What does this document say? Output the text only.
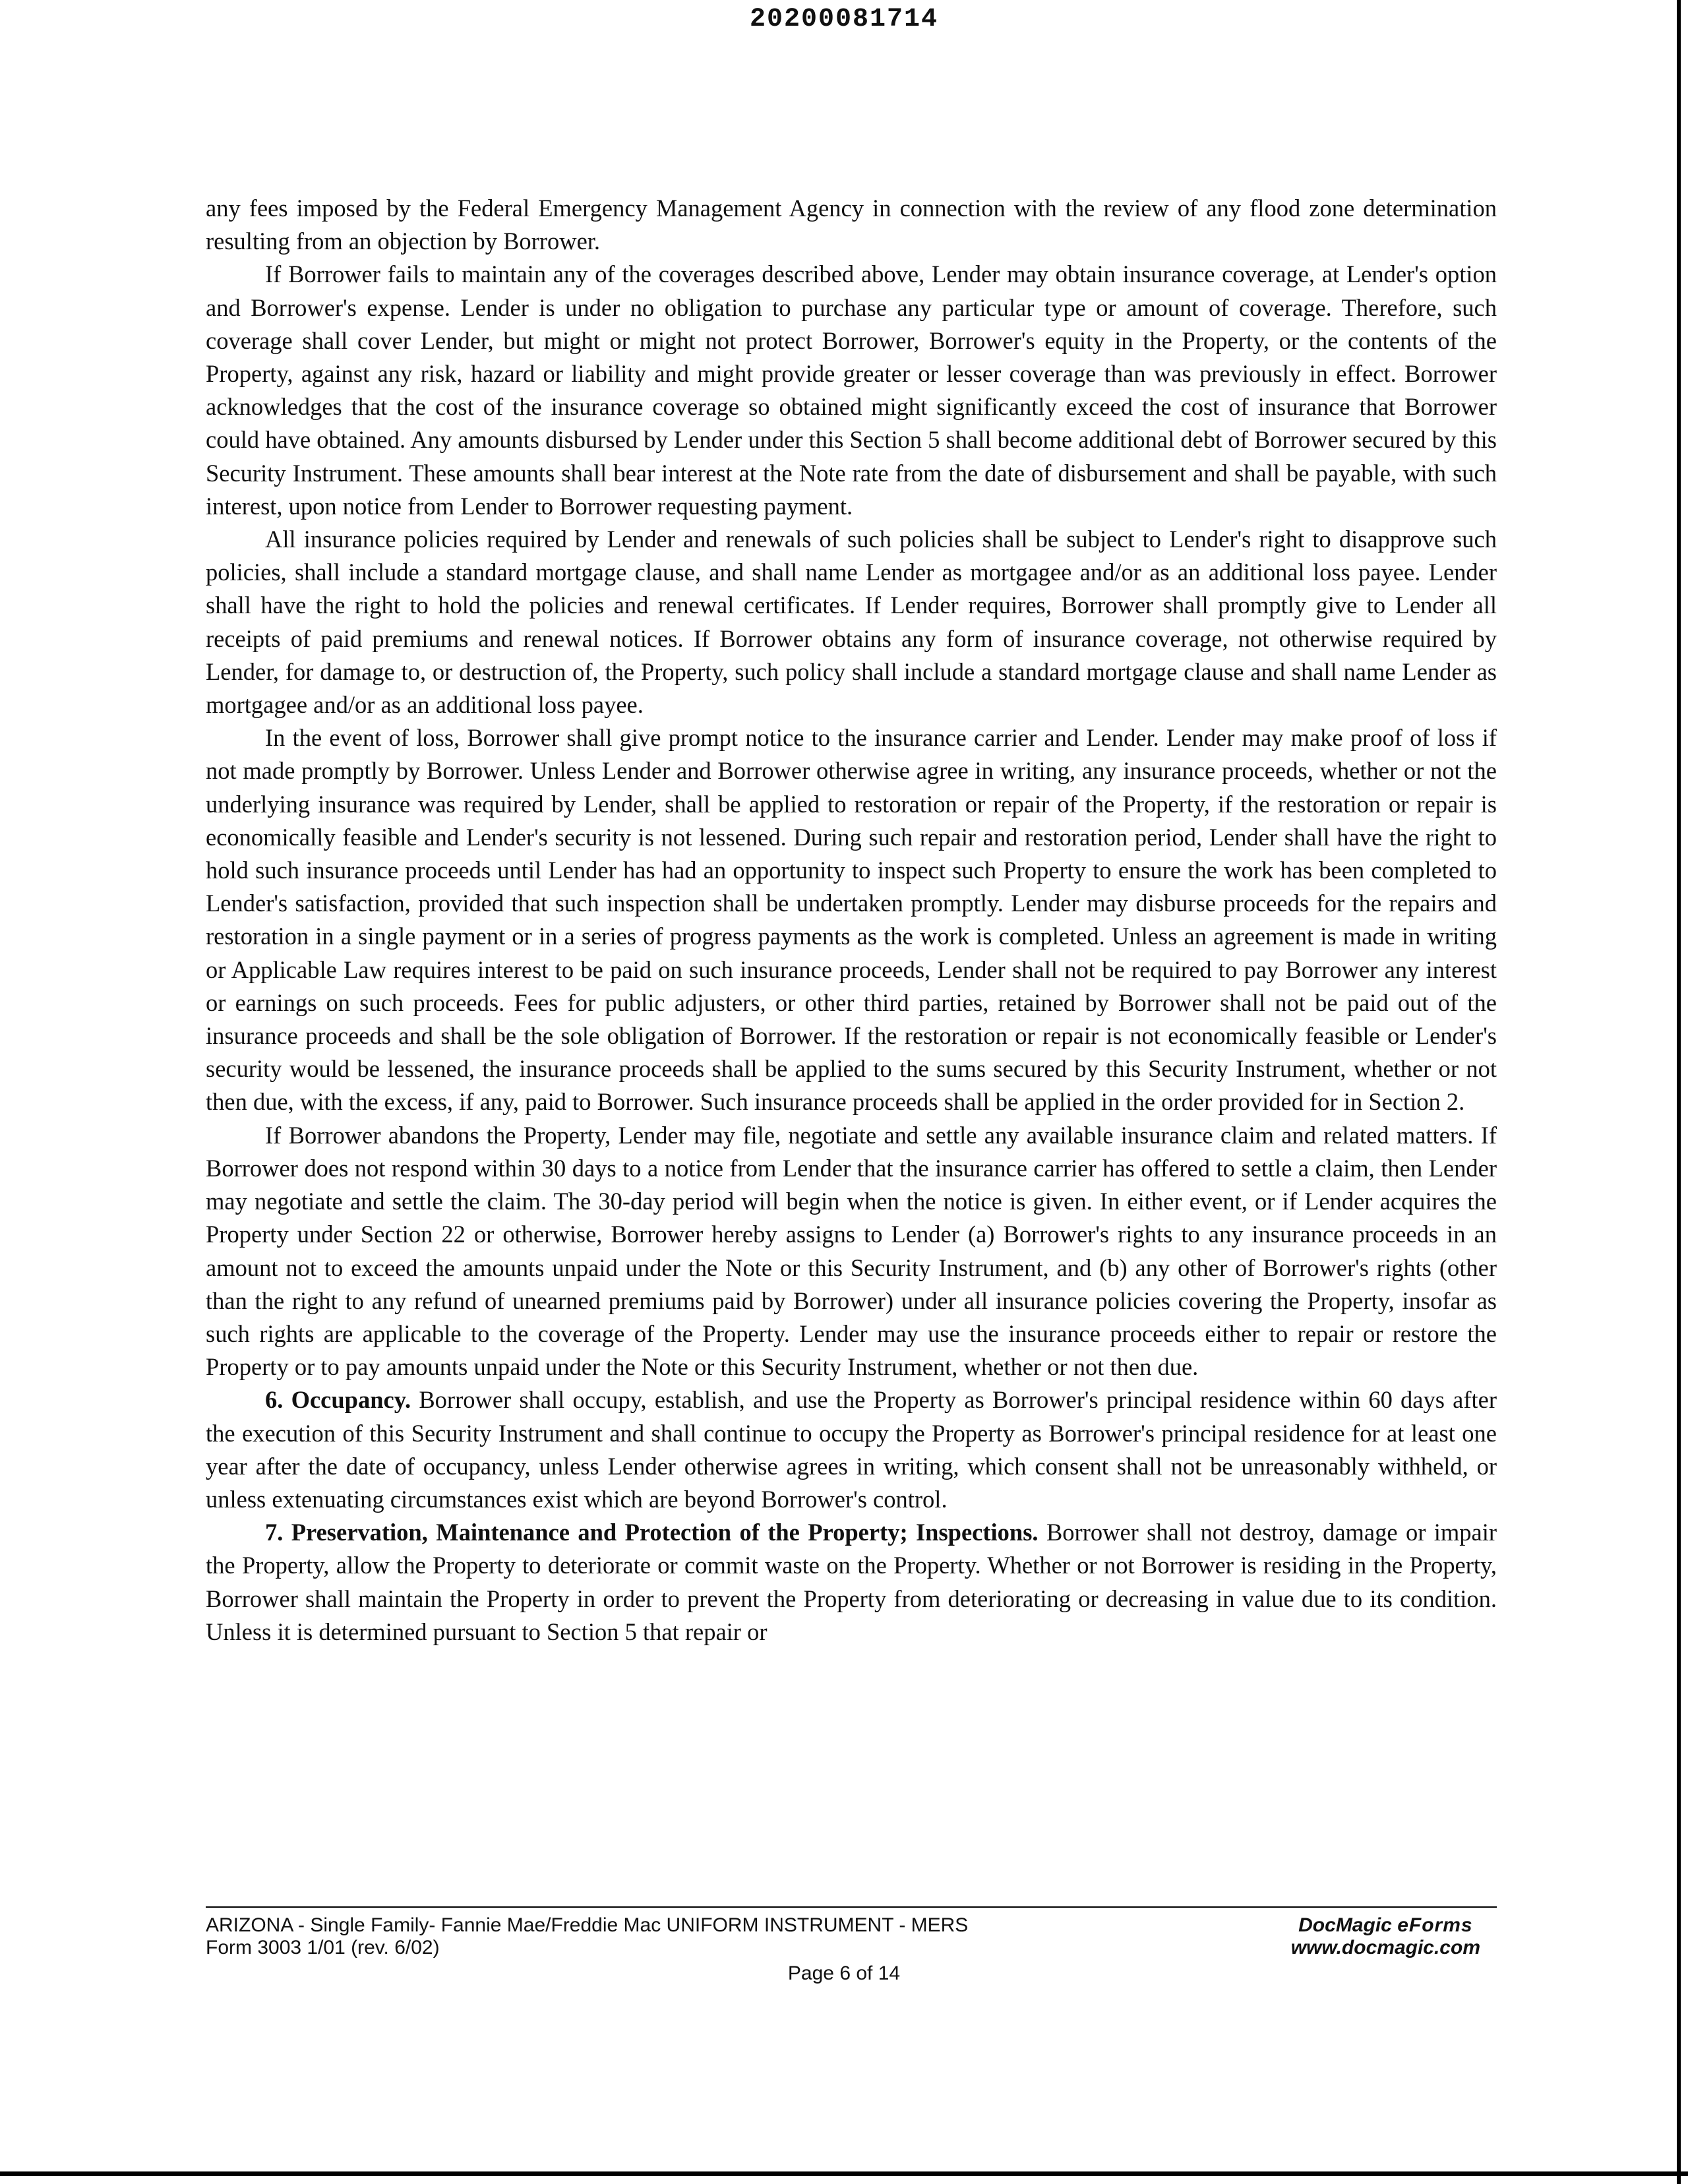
20200081714

any fees imposed by the Federal Emergency Management Agency in connection with the review of any flood zone determination resulting from an objection by Borrower.

If Borrower fails to maintain any of the coverages described above, Lender may obtain insurance coverage, at Lender's option and Borrower's expense. Lender is under no obligation to purchase any particular type or amount of coverage. Therefore, such coverage shall cover Lender, but might or might not protect Borrower, Borrower's equity in the Property, or the contents of the Property, against any risk, hazard or liability and might provide greater or lesser coverage than was previously in effect. Borrower acknowledges that the cost of the insurance coverage so obtained might significantly exceed the cost of insurance that Borrower could have obtained. Any amounts disbursed by Lender under this Section 5 shall become additional debt of Borrower secured by this Security Instrument. These amounts shall bear interest at the Note rate from the date of disbursement and shall be payable, with such interest, upon notice from Lender to Borrower requesting payment.

All insurance policies required by Lender and renewals of such policies shall be subject to Lender's right to disapprove such policies, shall include a standard mortgage clause, and shall name Lender as mortgagee and/or as an additional loss payee. Lender shall have the right to hold the policies and renewal certificates. If Lender requires, Borrower shall promptly give to Lender all receipts of paid premiums and renewal notices. If Borrower obtains any form of insurance coverage, not otherwise required by Lender, for damage to, or destruction of, the Property, such policy shall include a standard mortgage clause and shall name Lender as mortgagee and/or as an additional loss payee.

In the event of loss, Borrower shall give prompt notice to the insurance carrier and Lender. Lender may make proof of loss if not made promptly by Borrower. Unless Lender and Borrower otherwise agree in writing, any insurance proceeds, whether or not the underlying insurance was required by Lender, shall be applied to restoration or repair of the Property, if the restoration or repair is economically feasible and Lender's security is not lessened. During such repair and restoration period, Lender shall have the right to hold such insurance proceeds until Lender has had an opportunity to inspect such Property to ensure the work has been completed to Lender's satisfaction, provided that such inspection shall be undertaken promptly. Lender may disburse proceeds for the repairs and restoration in a single payment or in a series of progress payments as the work is completed. Unless an agreement is made in writing or Applicable Law requires interest to be paid on such insurance proceeds, Lender shall not be required to pay Borrower any interest or earnings on such proceeds. Fees for public adjusters, or other third parties, retained by Borrower shall not be paid out of the insurance proceeds and shall be the sole obligation of Borrower. If the restoration or repair is not economically feasible or Lender's security would be lessened, the insurance proceeds shall be applied to the sums secured by this Security Instrument, whether or not then due, with the excess, if any, paid to Borrower. Such insurance proceeds shall be applied in the order provided for in Section 2.

If Borrower abandons the Property, Lender may file, negotiate and settle any available insurance claim and related matters. If Borrower does not respond within 30 days to a notice from Lender that the insurance carrier has offered to settle a claim, then Lender may negotiate and settle the claim. The 30-day period will begin when the notice is given. In either event, or if Lender acquires the Property under Section 22 or otherwise, Borrower hereby assigns to Lender (a) Borrower's rights to any insurance proceeds in an amount not to exceed the amounts unpaid under the Note or this Security Instrument, and (b) any other of Borrower's rights (other than the right to any refund of unearned premiums paid by Borrower) under all insurance policies covering the Property, insofar as such rights are applicable to the coverage of the Property. Lender may use the insurance proceeds either to repair or restore the Property or to pay amounts unpaid under the Note or this Security Instrument, whether or not then due.

6. Occupancy. Borrower shall occupy, establish, and use the Property as Borrower's principal residence within 60 days after the execution of this Security Instrument and shall continue to occupy the Property as Borrower's principal residence for at least one year after the date of occupancy, unless Lender otherwise agrees in writing, which consent shall not be unreasonably withheld, or unless extenuating circumstances exist which are beyond Borrower's control.

7. Preservation, Maintenance and Protection of the Property; Inspections. Borrower shall not destroy, damage or impair the Property, allow the Property to deteriorate or commit waste on the Property. Whether or not Borrower is residing in the Property, Borrower shall maintain the Property in order to prevent the Property from deteriorating or decreasing in value due to its condition. Unless it is determined pursuant to Section 5 that repair or

ARIZONA - Single Family- Fannie Mae/Freddie Mac UNIFORM INSTRUMENT - MERS
Form 3003 1/01 (rev. 6/02)
DocMagic eForms
www.docmagic.com
Page 6 of 14
